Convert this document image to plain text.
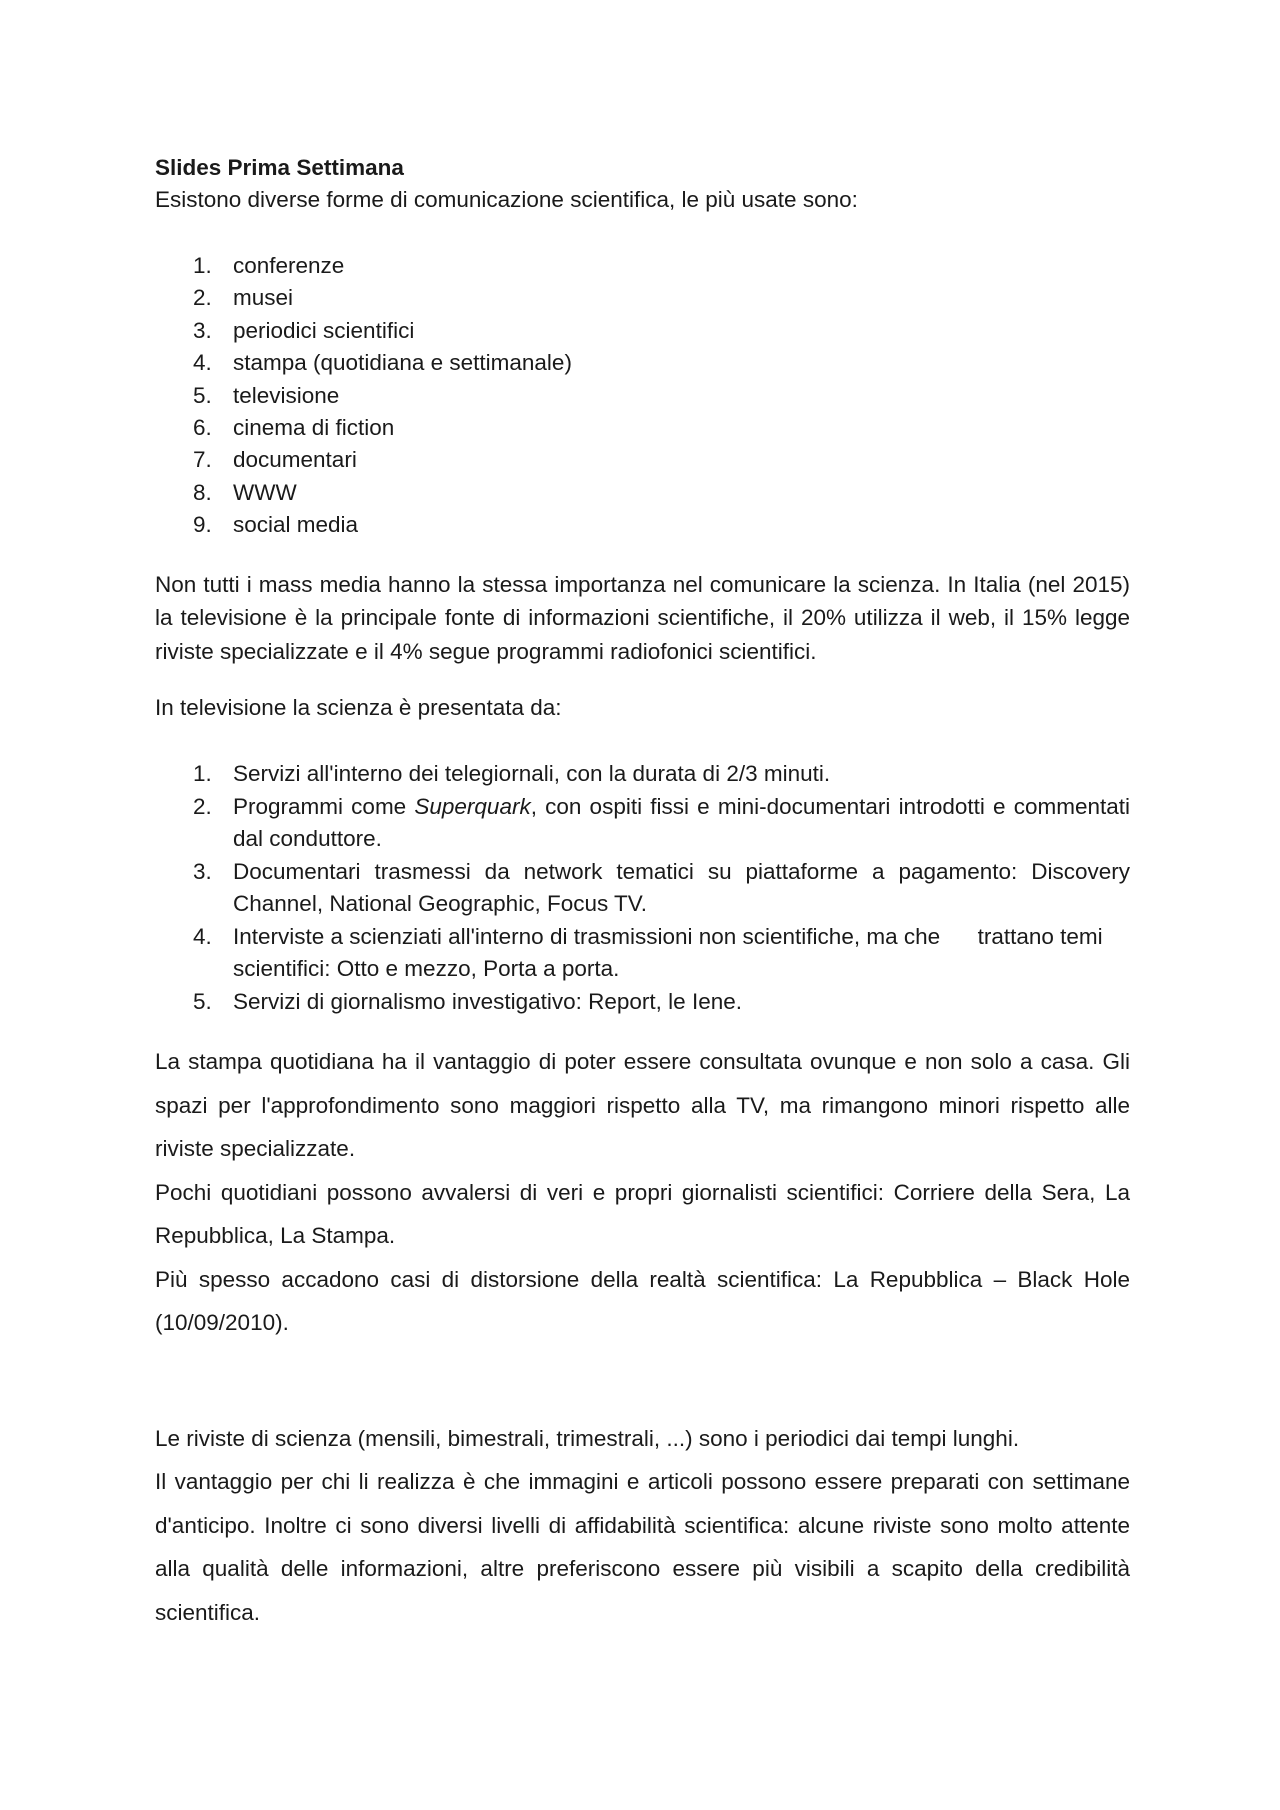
Slides Prima Settimana

Esistono diverse forme di comunicazione scientifica, le più usate sono:

1. conferenze
2. musei
3. periodici scientifici
4. stampa (quotidiana e settimanale)
5. televisione
6. cinema di fiction
7. documentari
8. WWW
9. social media

Non tutti i mass media hanno la stessa importanza nel comunicare la scienza. In Italia (nel 2015) la televisione è la principale fonte di informazioni scientifiche, il 20% utilizza il web, il 15% legge riviste specializzate e il 4% segue programmi radiofonici scientifici.

In televisione la scienza è presentata da:

1. Servizi all'interno dei telegiornali, con la durata di 2/3 minuti.
2. Programmi come Superquark, con ospiti fissi e mini-documentari introdotti e commentati dal conduttore.
3. Documentari trasmessi da network tematici su piattaforme a pagamento: Discovery Channel, National Geographic, Focus TV.
4. Interviste a scienziati all'interno di trasmissioni non scientifiche, ma che      trattano temi scientifici: Otto e mezzo, Porta a porta.
5. Servizi di giornalismo investigativo: Report, le Iene.

La stampa quotidiana ha il vantaggio di poter essere consultata ovunque e non solo a casa. Gli spazi per l'approfondimento sono maggiori rispetto alla TV, ma rimangono minori rispetto alle riviste specializzate.

Pochi quotidiani possono avvalersi di veri e propri giornalisti scientifici: Corriere della Sera, La Repubblica, La Stampa.

Più spesso accadono casi di distorsione della realtà scientifica: La Repubblica – Black Hole (10/09/2010).

Le riviste di scienza (mensili, bimestrali, trimestrali, ...) sono i periodici dai tempi lunghi.

Il vantaggio per chi li realizza è che immagini e articoli possono essere preparati con settimane d'anticipo. Inoltre ci sono diversi livelli di affidabilità scientifica: alcune riviste sono molto attente alla qualità delle informazioni, altre preferiscono essere più visibili a scapito della credibilità scientifica.
